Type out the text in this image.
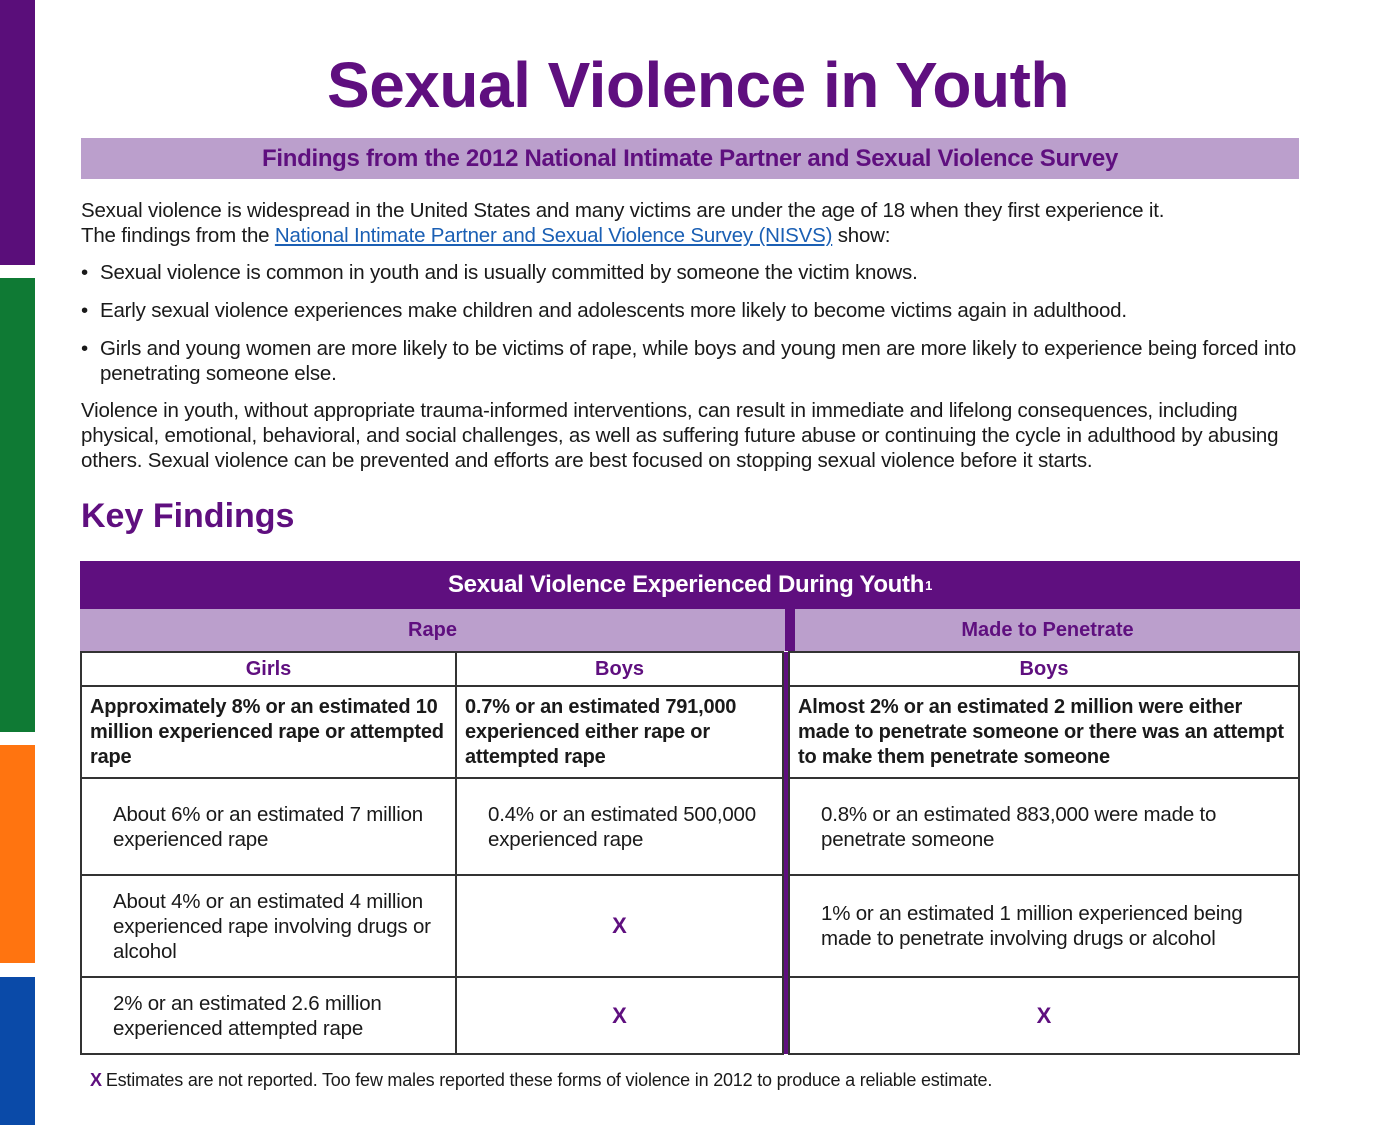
Sexual Violence in Youth
Findings from the 2012 National Intimate Partner and Sexual Violence Survey

Sexual violence is widespread in the United States and many victims are under the age of 18 when they first experience it.
The findings from the National Intimate Partner and Sexual Violence Survey (NISVS) show:

• Sexual violence is common in youth and is usually committed by someone the victim knows.
• Early sexual violence experiences make children and adolescents more likely to become victims again in adulthood.
• Girls and young women are more likely to be victims of rape, while boys and young men are more likely to experience being forced into penetrating someone else.

Violence in youth, without appropriate trauma-informed interventions, can result in immediate and lifelong consequences, including physical, emotional, behavioral, and social challenges, as well as suffering future abuse or continuing the cycle in adulthood by abusing others. Sexual violence can be prevented and efforts are best focused on stopping sexual violence before it starts.

Key Findings
Sexual Violence Experienced During Youth 1
Rape	Made to Penetrate
Girls	Boys		Boys

Approximately 8% or an estimated 10 million experienced rape or attempted rape	0.7% or an estimated 791,000 experienced either rape or attempted rape		Almost 2% or an estimated 2 million were either made to penetrate someone or there was an attempt to make them penetrate someone

About 6% or an estimated 7 million experienced rape	0.4% or an estimated 500,000 experienced rape		0.8% or an estimated 883,000 were made to penetrate someone

About 4% or an estimated 4 million experienced rape involving drugs or alcohol	X		1% or an estimated 1 million experienced being made to penetrate involving drugs or alcohol

2% or an estimated 2.6 million experienced attempted rape	X		X

X Estimates are not reported. Too few males reported these forms of violence in 2012 to produce a reliable estimate.
